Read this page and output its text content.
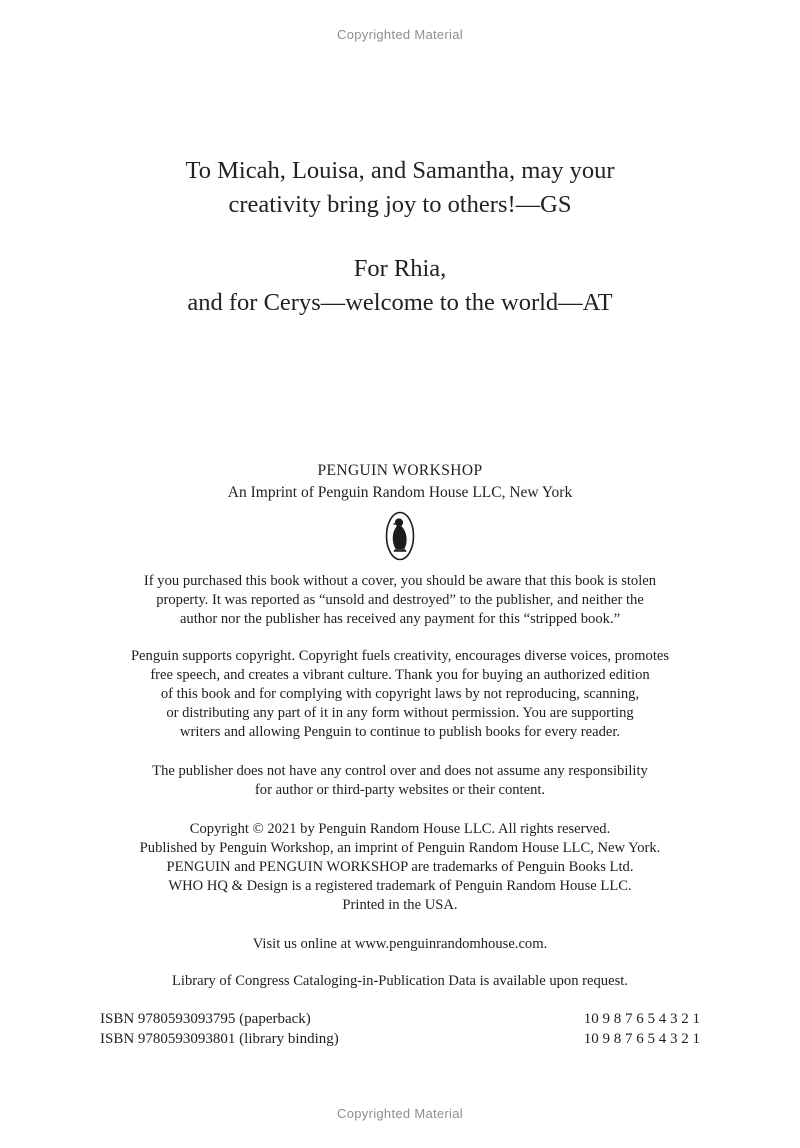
Copyrighted Material

To Micah, Louisa, and Samantha, may your
creativity bring joy to others!—GS

For Rhia,
and for Cerys—welcome to the world—AT

PENGUIN WORKSHOP
An Imprint of Penguin Random House LLC, New York

If you purchased this book without a cover, you should be aware that this book is stolen
property. It was reported as “unsold and destroyed” to the publisher, and neither the
author nor the publisher has received any payment for this “stripped book.”

Penguin supports copyright. Copyright fuels creativity, encourages diverse voices, promotes
free speech, and creates a vibrant culture. Thank you for buying an authorized edition
of this book and for complying with copyright laws by not reproducing, scanning,
or distributing any part of it in any form without permission. You are supporting
writers and allowing Penguin to continue to publish books for every reader.

The publisher does not have any control over and does not assume any responsibility
for author or third-party websites or their content.

Copyright © 2021 by Penguin Random House LLC. All rights reserved.
Published by Penguin Workshop, an imprint of Penguin Random House LLC, New York.
PENGUIN and PENGUIN WORKSHOP are trademarks of Penguin Books Ltd.
WHO HQ & Design is a registered trademark of Penguin Random House LLC.
Printed in the USA.

Visit us online at www.penguinrandomhouse.com.

Library of Congress Cataloging-in-Publication Data is available upon request.

ISBN 9780593093795 (paperback)	10 9 8 7 6 5 4 3 2 1
ISBN 9780593093801 (library binding)	10 9 8 7 6 5 4 3 2 1
Copyrighted Material
